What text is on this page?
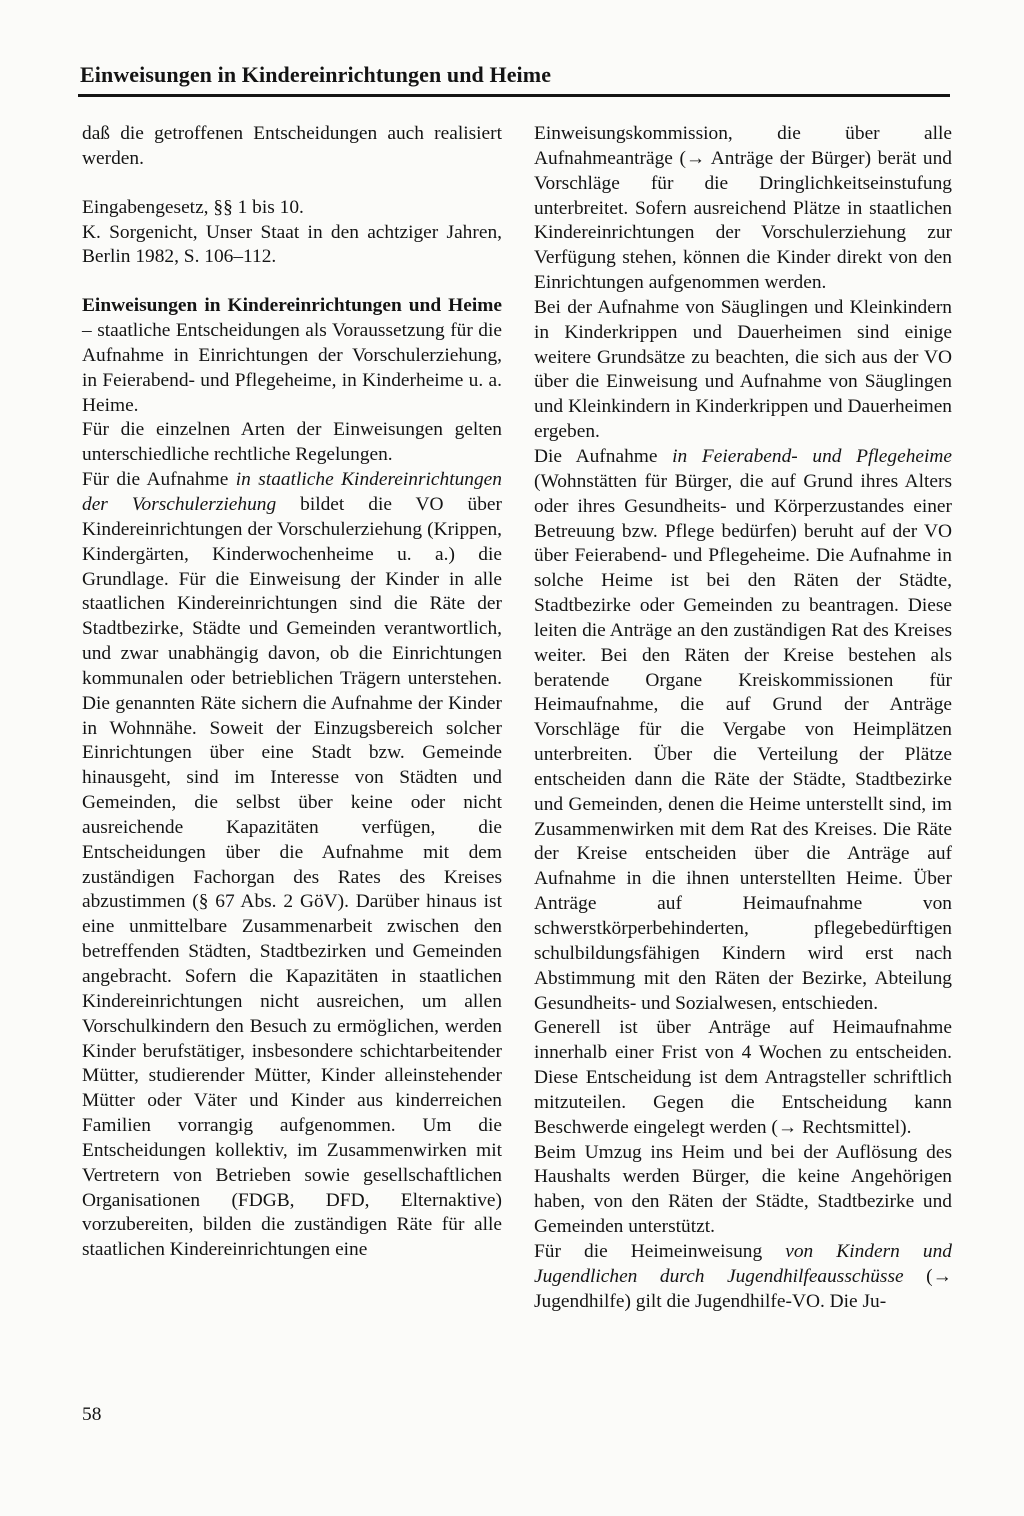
Einweisungen in Kindereinrichtungen und Heime

daß die getroffenen Entscheidungen auch realisiert werden.

Eingabengesetz, §§ 1 bis 10.

K. Sorgenicht, Unser Staat in den achtziger Jahren, Berlin 1982, S. 106–112.

Einweisungen in Kindereinrichtungen und Heime – staatliche Entscheidungen als Voraussetzung für die Aufnahme in Einrichtungen der Vorschulerziehung, in Feierabend- und Pflegeheime, in Kinderheime u. a. Heime.

Für die einzelnen Arten der Einweisungen gelten unterschiedliche rechtliche Regelungen.

Für die Aufnahme in staatliche Kindereinrichtungen der Vorschulerziehung bildet die VO über Kindereinrichtungen der Vorschulerziehung (Krippen, Kindergärten, Kinderwochenheime u. a.) die Grundlage. Für die Einweisung der Kinder in alle staatlichen Kindereinrichtungen sind die Räte der Stadtbezirke, Städte und Gemeinden verantwortlich, und zwar unabhängig davon, ob die Einrichtungen kommunalen oder betrieblichen Trägern unterstehen. Die genannten Räte sichern die Aufnahme der Kinder in Wohnnähe. Soweit der Einzugsbereich solcher Einrichtungen über eine Stadt bzw. Gemeinde hinausgeht, sind im Interesse von Städten und Gemeinden, die selbst über keine oder nicht ausreichende Kapazitäten verfügen, die Entscheidungen über die Aufnahme mit dem zuständigen Fachorgan des Rates des Kreises abzustimmen (§ 67 Abs. 2 GöV). Darüber hinaus ist eine unmittelbare Zusammenarbeit zwischen den betreffenden Städten, Stadtbezirken und Gemeinden angebracht. Sofern die Kapazitäten in staatlichen Kindereinrichtungen nicht ausreichen, um allen Vorschulkindern den Besuch zu ermöglichen, werden Kinder berufstätiger, insbesondere schichtarbeitender Mütter, studierender Mütter, Kinder alleinstehender Mütter oder Väter und Kinder aus kinderreichen Familien vorrangig aufgenommen. Um die Entscheidungen kollektiv, im Zusammenwirken mit Vertretern von Betrieben sowie gesellschaftlichen Organisationen (FDGB, DFD, Elternaktive) vorzubereiten, bilden die zuständigen Räte für alle staatlichen Kindereinrichtungen eine

Einweisungskommission, die über alle Aufnahmeanträge (→ Anträge der Bürger) berät und Vorschläge für die Dringlichkeitseinstufung unterbreitet. Sofern ausreichend Plätze in staatlichen Kindereinrichtungen der Vorschulerziehung zur Verfügung stehen, können die Kinder direkt von den Einrichtungen aufgenommen werden.

Bei der Aufnahme von Säuglingen und Kleinkindern in Kinderkrippen und Dauerheimen sind einige weitere Grundsätze zu beachten, die sich aus der VO über die Einweisung und Aufnahme von Säuglingen und Kleinkindern in Kinderkrippen und Dauerheimen ergeben.

Die Aufnahme in Feierabend- und Pflegeheime (Wohnstätten für Bürger, die auf Grund ihres Alters oder ihres Gesundheits- und Körperzustandes einer Betreuung bzw. Pflege bedürfen) beruht auf der VO über Feierabend- und Pflegeheime. Die Aufnahme in solche Heime ist bei den Räten der Städte, Stadtbezirke oder Gemeinden zu beantragen. Diese leiten die Anträge an den zuständigen Rat des Kreises weiter. Bei den Räten der Kreise bestehen als beratende Organe Kreiskommissionen für Heimaufnahme, die auf Grund der Anträge Vorschläge für die Vergabe von Heimplätzen unterbreiten. Über die Verteilung der Plätze entscheiden dann die Räte der Städte, Stadtbezirke und Gemeinden, denen die Heime unterstellt sind, im Zusammenwirken mit dem Rat des Kreises. Die Räte der Kreise entscheiden über die Anträge auf Aufnahme in die ihnen unterstellten Heime. Über Anträge auf Heimaufnahme von schwerstkörperbehinderten, pflegebedürftigen schulbildungsfähigen Kindern wird erst nach Abstimmung mit den Räten der Bezirke, Abteilung Gesundheits- und Sozialwesen, entschieden.

Generell ist über Anträge auf Heimaufnahme innerhalb einer Frist von 4 Wochen zu entscheiden. Diese Entscheidung ist dem Antragsteller schriftlich mitzuteilen. Gegen die Entscheidung kann Beschwerde eingelegt werden (→ Rechtsmittel).

Beim Umzug ins Heim und bei der Auflösung des Haushalts werden Bürger, die keine Angehörigen haben, von den Räten der Städte, Stadtbezirke und Gemeinden unterstützt.

Für die Heimeinweisung von Kindern und Jugendlichen durch Jugendhilfeausschüsse (→ Jugendhilfe) gilt die Jugendhilfe-VO. Die Ju-

58
